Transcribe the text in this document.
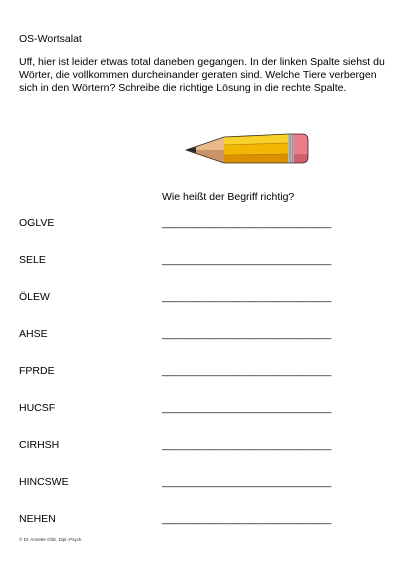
OS-Wortsalat
Uff, hier ist leider etwas total daneben gegangen. In der linken Spalte siehst du Wörter, die vollkommen durcheinander geraten sind. Welche Tiere verbergen sich in den Wörtern? Schreibe die richtige Lösung in die rechte Spalte.
Wie heißt der Begriff richtig?
OGLVE	_____________________________
SELE	_____________________________
ÖLEW	_____________________________
AHSE	_____________________________
FPRDE	_____________________________
HUCSF	_____________________________
CIRHSH	_____________________________
HINCSWE	_____________________________
NEHEN	_____________________________
© Dr. Annette Glitz, Dipl.-Psych.
